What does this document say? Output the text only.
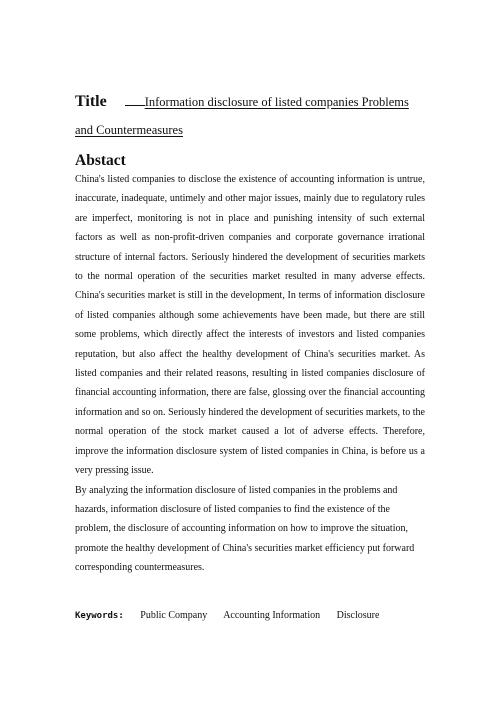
Title	Information disclosure of listed companies Problems and Countermeasures
Abstact

China's listed companies to disclose the existence of accounting information is untrue, inaccurate, inadequate, untimely and other major issues, mainly due to regulatory rules are imperfect, monitoring is not in place and punishing intensity of such external factors as well as non-profit-driven companies and corporate governance irrational structure of internal factors. Seriously hindered the development of securities markets to the normal operation of the securities market resulted in many adverse effects. China's securities market is still in the development, In terms of information disclosure of listed companies although some achievements have been made, but there are still some problems, which directly affect the interests of investors and listed companies reputation, but also affect the healthy development of China's securities market. As listed companies and their related reasons, resulting in listed companies disclosure of financial accounting information, there are false, glossing over the financial accounting information and so on. Seriously hindered the development of securities markets, to the normal operation of the stock market caused a lot of adverse effects. Therefore, improve the information disclosure system of listed companies in China, is before us a very pressing issue.

By analyzing the information disclosure of listed companies in the problems and hazards, information disclosure of listed companies to find the existence of the problem, the disclosure of accounting information on how to improve the situation, promote the healthy development of China's securities market efficiency put forward corresponding countermeasures.

Keywords: Public Company Accounting Information Disclosure
